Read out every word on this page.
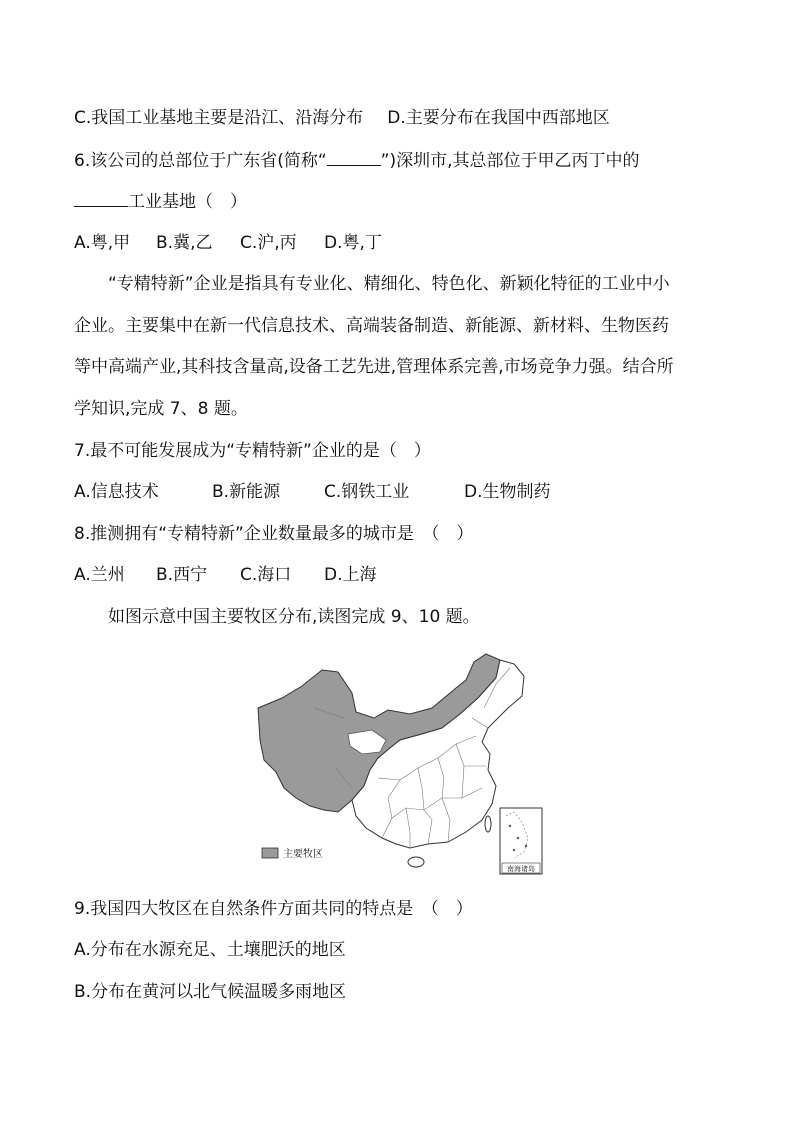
C.我国工业基地主要是沿江、沿海分布 D.主要分布在我国中西部地区
6.该公司的总部位于广东省(简称“	”)深圳市,其总部位于甲乙丙丁中的
工业基地（　）
A.粤,甲 B.冀,乙 C.沪,丙 D.粤,丁
“专精特新”企业是指具有专业化、精细化、特色化、新颖化特征的工业中小
企业。主要集中在新一代信息技术、高端装备制造、新能源、新材料、生物医药
等中高端产业,其科技含量高,设备工艺先进,管理体系完善,市场竞争力强。结合所
学知识,完成 7、8 题。
7.最不可能发展成为“专精特新”企业的是（　）
A.信息技术	B.新能源	C.钢铁工业	D.生物制药
8.推测拥有“专精特新”企业数量最多的城市是　（　）
A.兰州 B.西宁 C.海口 D.上海
如图示意中国主要牧区分布,读图完成 9、10 题。
南海诸岛
主要牧区
9.我国四大牧区在自然条件方面共同的特点是　（　）
A.分布在水源充足、土壤肥沃的地区
B.分布在黄河以北气候温暖多雨地区
